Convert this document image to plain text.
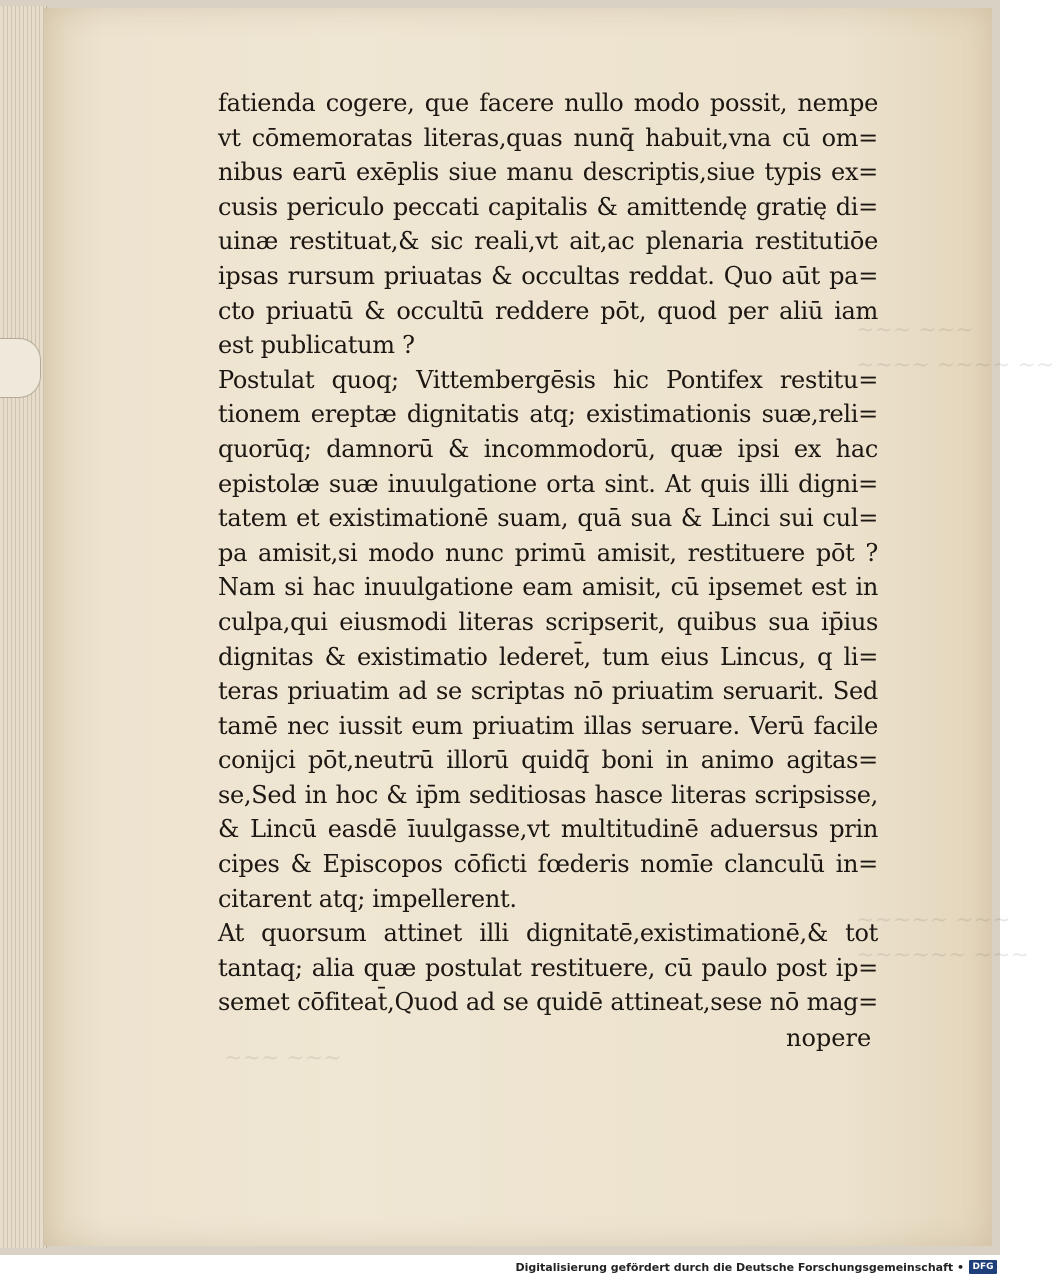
~~~ ~~~
~~~~ ~~~~ ~~
~~~~~ ~~~
~~~~~~ ~~~
~~~ ~~~
fatienda cogere, que facere nullo modo possit, nempe
vt cōmemoratas literas,quas nunq̄ habuit,vna cū om=
nibus earū exēplis siue manu descriptis,siue typis ex=
cusis periculo peccati capitalis & amittendę gratię di=
uinæ restituat,& sic reali,vt ait,ac plenaria restitutiōe
ipsas rursum priuatas & occultas reddat. Quo aūt pa=
cto priuatū & occultū reddere pōt, quod per aliū iam
est publicatum ?
Postulat quoq; Vittembergēsis hic Pontifex restitu=
tionem ereptæ dignitatis atq; existimationis suæ,reli=
quorūq; damnorū & incommodorū, quæ ipsi ex hac
epistolæ suæ inuulgatione orta sint. At quis illi digni=
tatem et existimationē suam, quā sua & Linci sui cul=
pa amisit,si modo nunc primū amisit, restituere pōt ?
Nam si hac inuulgatione eam amisit, cū ipsemet est in
culpa,qui eiusmodi literas scripserit, quibus sua ip̄ius
dignitas & existimatio lederet̄, tum eius Lincus, q li=
teras priuatim ad se scriptas nō priuatim seruarit. Sed
tamē nec iussit eum priuatim illas seruare. Verū facile
conijci pōt,neutrū illorū quidq̄ boni in animo agitas=
se,Sed in hoc & ip̄m seditiosas hasce literas scripsisse,
& Lincū easdē īuulgasse,vt multitudinē aduersus prin
cipes & Episcopos cōficti fœderis nomīe clanculū in=
citarent atq; impellerent.
At quorsum attinet illi dignitatē,existimationē,& tot
tantaq; alia quæ postulat restituere, cū paulo post ip=
semet cōfiteat̄,Quod ad se quidē attineat,sese nō mag=
nopere
Digitalisierung gefördert durch die Deutsche Forschungsgemeinschaft • DFG
